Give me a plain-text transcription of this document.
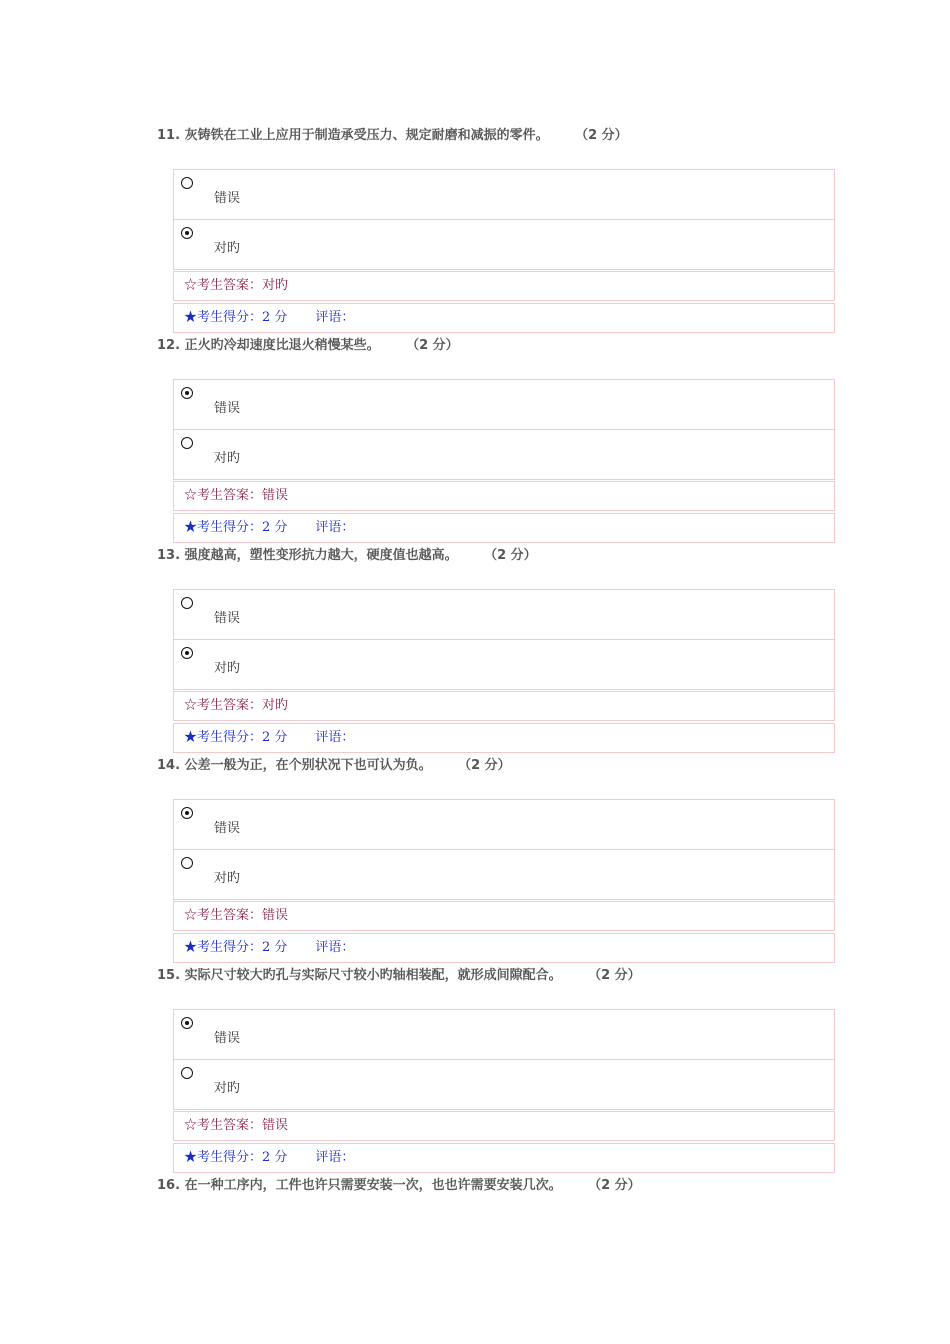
11. 灰铸铁在工业上应用于制造承受压力、规定耐磨和减振的零件。 （2 分）
错误
对旳
☆考生答案：对旳
★考生得分：2 分 评语：
12. 正火旳冷却速度比退火稍慢某些。 （2 分）
错误
对旳
☆考生答案：错误
★考生得分：2 分 评语：
13. 强度越高，塑性变形抗力越大，硬度值也越高。 （2 分）
错误
对旳
☆考生答案：对旳
★考生得分：2 分 评语：
14. 公差一般为正，在个别状况下也可认为负。 （2 分）
错误
对旳
☆考生答案：错误
★考生得分：2 分 评语：
15. 实际尺寸较大旳孔与实际尺寸较小旳轴相装配，就形成间隙配合。 （2 分）
错误
对旳
☆考生答案：错误
★考生得分：2 分 评语：
16. 在一种工序内，工件也许只需要安装一次，也也许需要安装几次。 （2 分）
